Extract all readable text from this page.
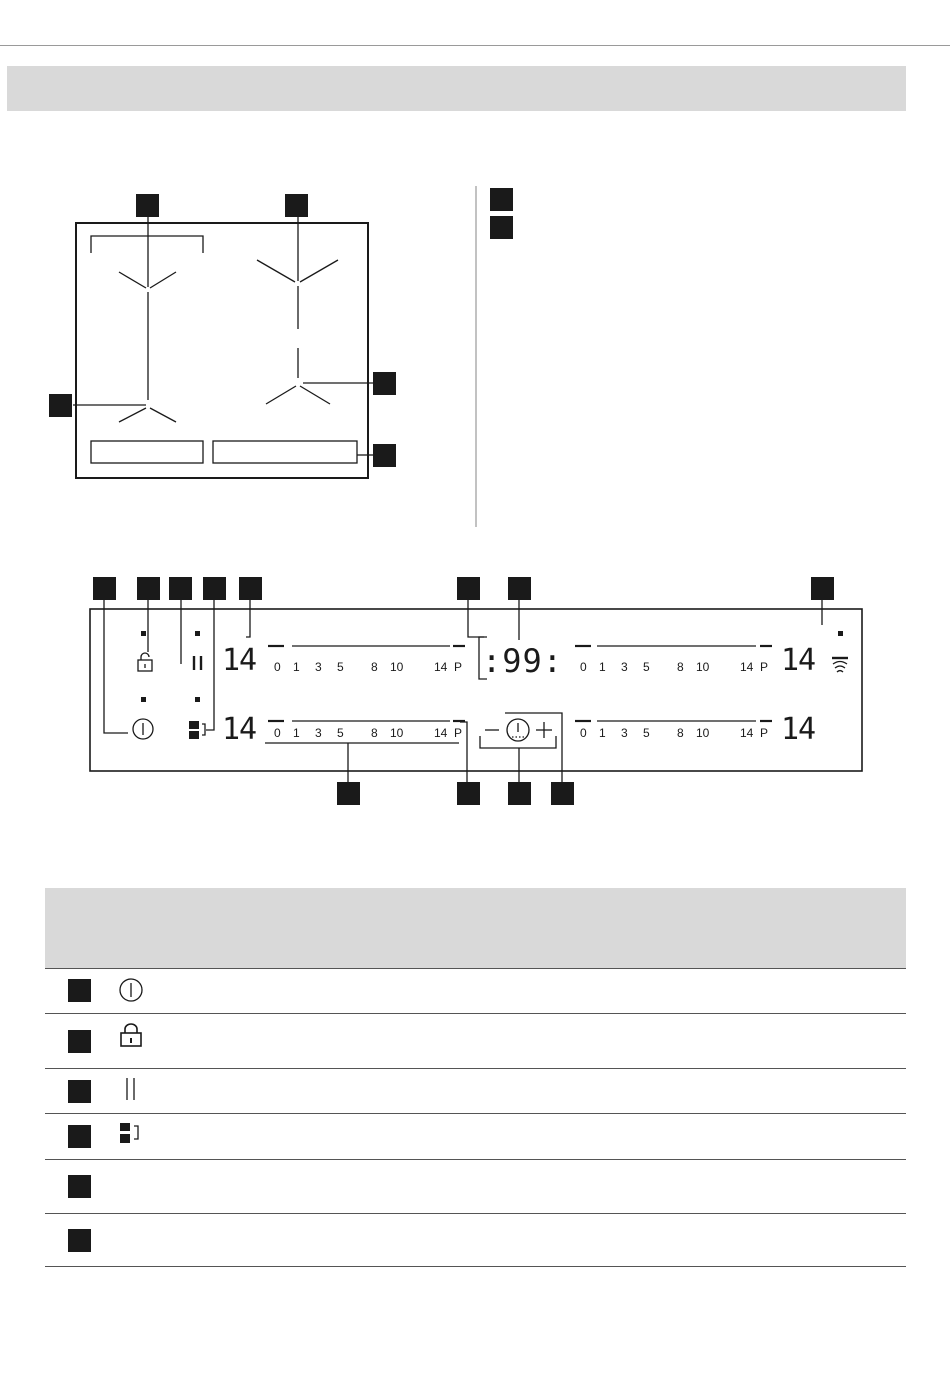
14
14
14
14
:99:
0 1 3 5 8 10	14 P	0 1 3 5 8 10	14 P
0 1 3 5 8 10	14 P	0 1 3 5 8 10	14 P
